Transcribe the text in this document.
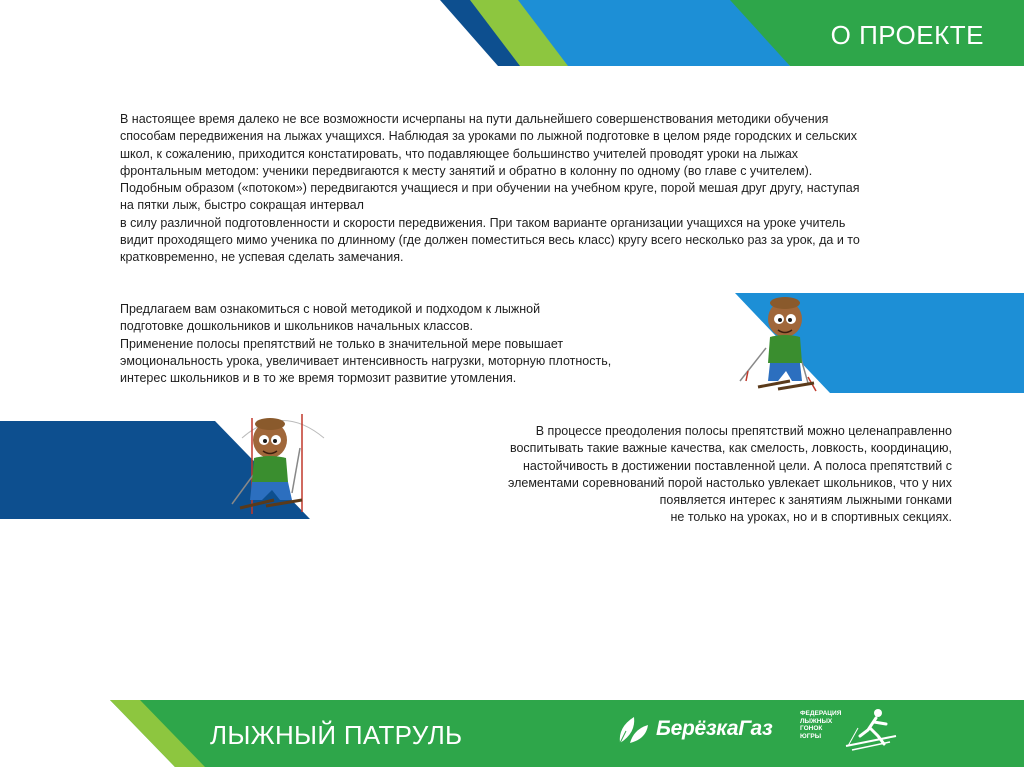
О ПРОЕКТЕ
В настоящее время далеко не все возможности исчерпаны на пути дальнейшего совершенствования методики обучения
способам передвижения на лыжах учащихся. Наблюдая за уроками по лыжной подготовке в целом ряде городских и сельских
школ, к сожалению, приходится констатировать, что подавляющее большинство учителей проводят уроки на лыжах
фронтальным методом: ученики передвигаются к месту занятий и обратно в колонну по одному (во главе с учителем).
Подобным образом («потоком») передвигаются учащиеся и при обучении на учебном круге, порой мешая друг другу, наступая
на пятки лыж, быстро сокращая интервал
в силу различной подготовленности и скорости передвижения. При таком варианте организации учащихся на уроке учитель
видит проходящего мимо ученика по длинному (где должен поместиться весь класс) кругу всего несколько раз за урок, да и то
кратковременно, не успевая сделать замечания.
Предлагаем вам ознакомиться с новой методикой и подходом к лыжной
подготовке дошкольников и школьников начальных классов.
Применение полосы препятствий не только в значительной мере повышает
эмоциональность урока, увеличивает интенсивность нагрузки, моторную плотность,
интерес школьников и в то же время тормозит развитие утомления.
В процессе преодоления полосы препятствий можно целенаправленно
воспитывать такие важные качества, как смелость, ловкость, координацию,
настойчивость в достижении поставленной цели. А полоса препятствий с
элементами соревнований порой настолько увлекает школьников, что у них
появляется интерес к занятиям лыжными гонками
не только на уроках, но и в спортивных секциях.
ЛЫЖНЫЙ ПАТРУЛЬ	БерёзкаГаз
ФЕДЕРАЦИЯ
ЛЫЖНЫХ
ГОНОК
ЮГРЫ
